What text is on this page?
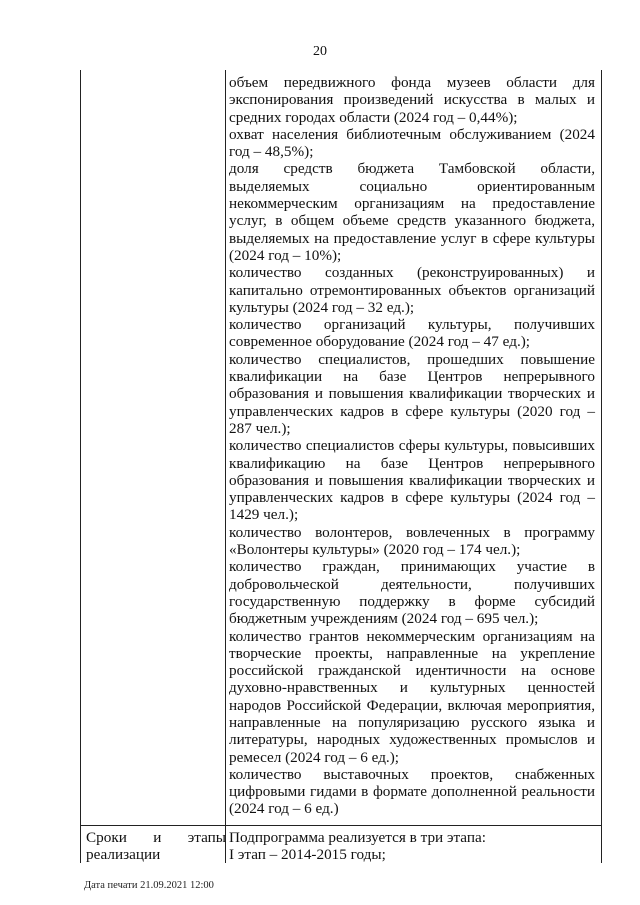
20
объем передвижного фонда музеев области для экспонирования произведений искусства в малых и средних городах области (2024 год – 0,44%);
охват населения библиотечным обслуживанием (2024 год – 48,5%);
доля средств бюджета Тамбовской области, выделяемых социально ориентированным некоммерческим организациям на предоставление услуг, в общем объеме средств указанного бюджета, выделяемых на предоставление услуг в сфере культуры (2024 год – 10%);
количество созданных (реконструированных) и капитально отремонтированных объектов организаций культуры (2024 год – 32 ед.);
количество организаций культуры, получивших современное оборудование (2024 год – 47 ед.);
количество специалистов, прошедших повышение квалификации на базе Центров непрерывного образования и повышения квалификации творческих и управленческих кадров в сфере культуры (2020 год – 287 чел.);
количество специалистов сферы культуры, повысивших квалификацию на базе Центров непрерывного образования и повышения квалификации творческих и управленческих кадров в сфере культуры (2024 год – 1429 чел.);
количество волонтеров, вовлеченных в программу «Волонтеры культуры» (2020 год – 174 чел.);
количество граждан, принимающих участие в добровольческой деятельности, получивших государственную поддержку в форме субсидий бюджетным учреждениям (2024 год – 695 чел.);
количество грантов некоммерческим организациям на творческие проекты, направленные на укрепление российской гражданской идентичности на основе духовно-нравственных и культурных ценностей народов Российской Федерации, включая мероприятия, направленные на популяризацию русского языка и литературы, народных художественных промыслов и ремесел (2024 год – 6 ед.);
количество выставочных проектов, снабженных цифровыми гидами в формате дополненной реальности (2024 год – 6 ед.)
Сроки и этапы
реализации
Подпрограмма реализуется в три этапа:
I этап – 2014-2015 годы;
Дата печати 21.09.2021 12:00
